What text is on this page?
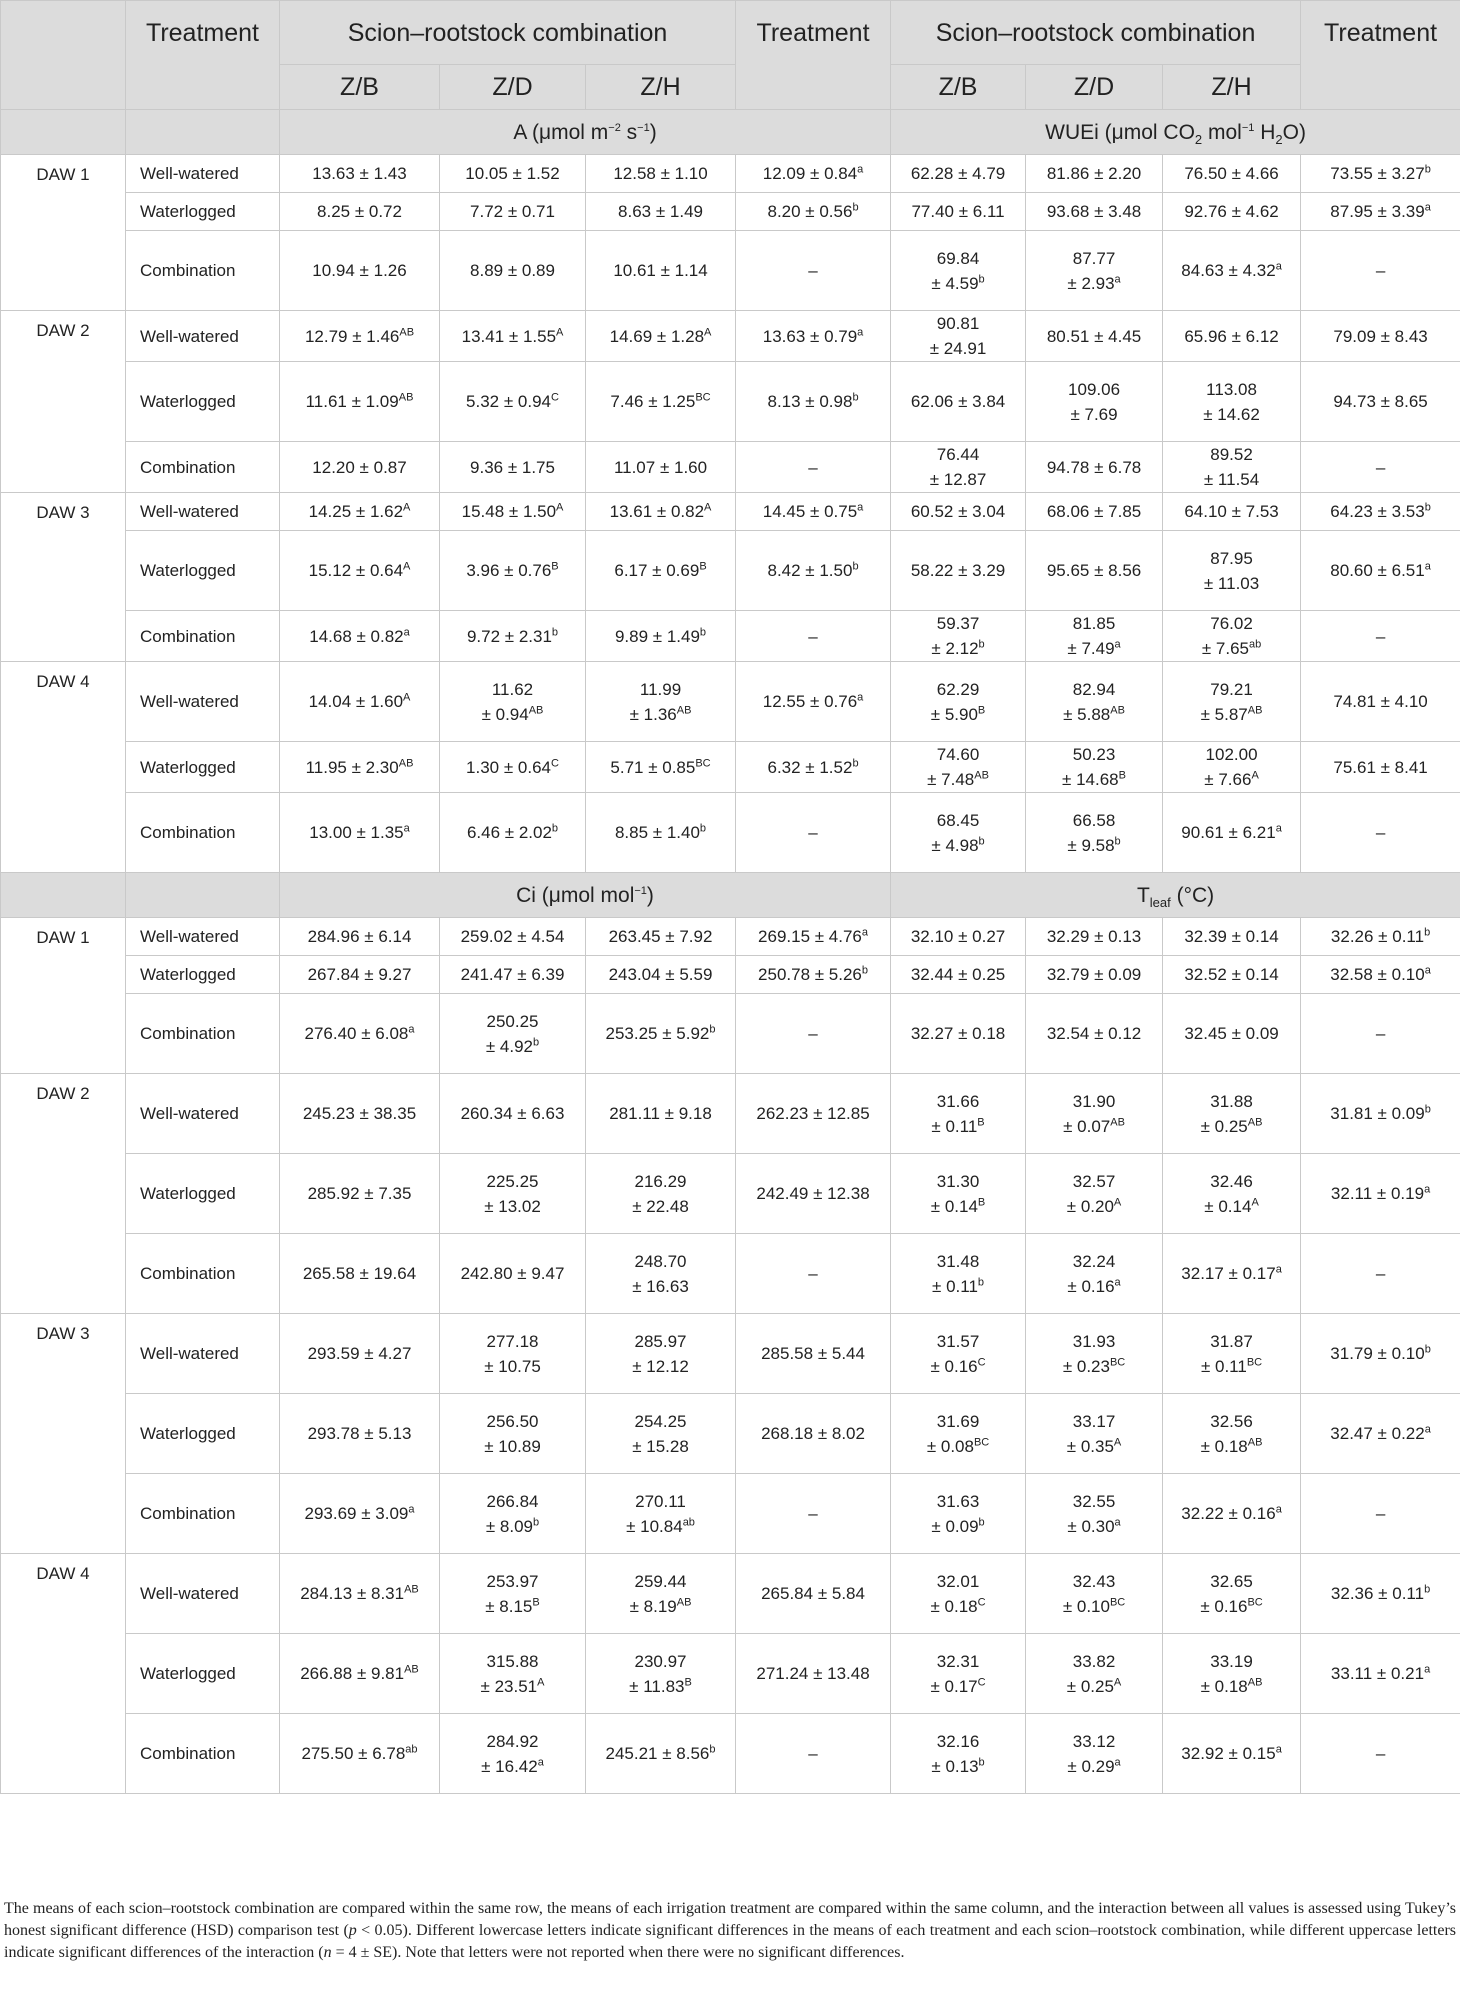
	Treatment	Scion–rootstock combination			Treatment	Scion–rootstock combination			Treatment
		Z/B	Z/D	Z/H		Z/B	Z/D	Z/H	
		A (μmol $m^{-2}$ $s^{-1}$)				WUEi (μmol $CO_2$ mol$^{-1}$ $H_2O$)			
DAW 1	Well-watered	13.63 ± 1.43	10.05 ± 1.52	12.58 ± 1.10	12.09 ± 0.84$^a$	62.28 ± 4.79	81.86 ± 2.20	76.50 ± 4.66	73.55 ± 3.27$^b$
	Waterlogged	8.25 ± 0.72	7.72 ± 0.71	8.63 ± 1.49	8.20 ± 0.56$^b$	77.40 ± 6.11	93.68 ± 3.48	92.76 ± 4.62	87.95 ± 3.39$^a$
	Combination	10.94 ± 1.26	8.89 ± 0.89	10.61 ± 1.14	–	69.84
± 4.59$^b$	87.77
± 2.93$^a$	84.63 ± 4.32$^a$	–
DAW 2	Well-watered	$12.79 \pm 1.46^{AB}$	$13.41 \pm 1.55^A$	$14.69 \pm 1.28^A$	13.63 ± 0.79$^a$	90.81
± 24.91	80.51 ± 4.45	65.96 ± 6.12	79.09 ± 8.43
	Waterlogged	$11.61 \pm 1.09^{AB}$	$5.32 \pm 0.94^C$	$7.46 \pm 1.25^{BC}$	8.13 ± 0.98$^b$	62.06 ± 3.84	109.06
± 7.69	113.08
± 14.62	94.73 ± 8.65
	Combination	12.20 ± 0.87	9.36 ± 1.75	11.07 ± 1.60	–	76.44
± 12.87	94.78 ± 6.78	89.52
± 11.54	–
DAW 3	Well-watered	$14.25 \pm 1.62^A$	$15.48 \pm 1.50^A$	$13.61 \pm 0.82^A$	14.45 ± 0.75$^a$	60.52 ± 3.04	68.06 ± 7.85	64.10 ± 7.53	64.23 ± 3.53$^b$
	Waterlogged	$15.12 \pm 0.64^A$	$3.96 \pm 0.76^B$	$6.17 \pm 0.69^B$	8.42 ± 1.50$^b$	58.22 ± 3.29	95.65 ± 8.56	87.95
± 11.03	80.60 ± 6.51$^a$
	Combination	14.68 ± 0.82$^a$	9.72 ± 2.31$^b$	9.89 ± 1.49$^b$	–	59.37
± 2.12$^b$	81.85
± 7.49$^a$	76.02
± 7.65$^{ab}$	–
DAW 4	Well-watered	$14.04 \pm 1.60^A$	11.62
± $0.94^{AB}$	11.99
± $1.36^{AB}$	12.55 ± 0.76$^a$	62.29
± $5.90^B$	82.94
± $5.88^{AB}$	79.21
± $5.87^{AB}$	74.81 ± 4.10
	Waterlogged	$11.95 \pm 2.30^{AB}$	$1.30 \pm 0.64^C$	$5.71 \pm 0.85^{BC}$	6.32 ± 1.52$^b$	74.60
± $7.48^{AB}$	50.23
± $14.68^B$	102.00
± $7.66^A$	75.61 ± 8.41
	Combination	13.00 ± 1.35$^a$	6.46 ± 2.02$^b$	8.85 ± 1.40$^b$	–	68.45
± 4.98$^b$	66.58
± 9.58$^b$	90.61 ± 6.21$^a$	–
		Ci (μmol mol$^{-1}$)				$T_{leaf}$ (°C)			
DAW 1	Well-watered	284.96 ± 6.14	259.02 ± 4.54	263.45 ± 7.92	269.15 ± 4.76$^a$	32.10 ± 0.27	32.29 ± 0.13	32.39 ± 0.14	32.26 ± 0.11$^b$
	Waterlogged	267.84 ± 9.27	241.47 ± 6.39	243.04 ± 5.59	250.78 ± 5.26$^b$	32.44 ± 0.25	32.79 ± 0.09	32.52 ± 0.14	32.58 ± 0.10$^a$
	Combination	276.40 ± 6.08$^a$	250.25
± 4.92$^b$	253.25 ± 5.92$^b$	–	32.27 ± 0.18	32.54 ± 0.12	32.45 ± 0.09	–
DAW 2	Well-watered	245.23 ± 38.35	260.34 ± 6.63	281.11 ± 9.18	262.23 ± 12.85	31.66
± $0.11^B$	31.90
± $0.07^{AB}$	31.88
± $0.25^{AB}$	31.81 ± 0.09$^b$
	Waterlogged	285.92 ± 7.35	225.25
± 13.02	216.29
± 22.48	242.49 ± 12.38	31.30
± $0.14^B$	32.57
± $0.20^A$	32.46
± $0.14^A$	32.11 ± 0.19$^a$
	Combination	265.58 ± 19.64	242.80 ± 9.47	248.70
± 16.63	–	31.48
± 0.11$^b$	32.24
± 0.16$^a$	32.17 ± 0.17$^a$	–
DAW 3	Well-watered	293.59 ± 4.27	277.18
± 10.75	285.97
± 12.12	285.58 ± 5.44	31.57
± $0.16^C$	31.93
± $0.23^{BC}$	31.87
± $0.11^{BC}$	31.79 ± 0.10$^b$
	Waterlogged	293.78 ± 5.13	256.50
± 10.89	254.25
± 15.28	268.18 ± 8.02	31.69
± $0.08^{BC}$	33.17
± $0.35^A$	32.56
± $0.18^{AB}$	32.47 ± 0.22$^a$
	Combination	293.69 ± 3.09$^a$	266.84
± 8.09$^b$	270.11
± 10.84$^{ab}$	–	31.63
± 0.09$^b$	32.55
± 0.30$^a$	32.22 ± 0.16$^a$	–
DAW 4	Well-watered	$284.13 \pm 8.31^{AB}$	253.97
± $8.15^B$	259.44
± $8.19^{AB}$	265.84 ± 5.84	32.01
± $0.18^C$	32.43
± $0.10^{BC}$	32.65
± $0.16^{BC}$	32.36 ± 0.11$^b$
	Waterlogged	$266.88 \pm 9.81^{AB}$	315.88
± $23.51^A$	230.97
± $11.83^B$	271.24 ± 13.48	32.31
± $0.17^C$	33.82
± $0.25^A$	33.19
± $0.18^{AB}$	33.11 ± 0.21$^a$
	Combination	275.50 ± 6.78$^{ab}$	284.92
± 16.42$^a$	245.21 ± 8.56$^b$	–	32.16
± 0.13$^b$	33.12
± 0.29$^a$	32.92 ± 0.15$^a$	–
The means of each scion–rootstock combination are compared within the same row, the means of each irrigation treatment are compared within the same column, and the interaction between all values is assessed using Tukey’s honest significant difference (HSD) comparison test (p < 0.05). Different lowercase letters indicate significant differences in the means of each treatment and each scion–rootstock combination, while different uppercase letters indicate significant differences of the interaction (n = 4 ± SE). Note that letters were not reported when there were no significant differences.
